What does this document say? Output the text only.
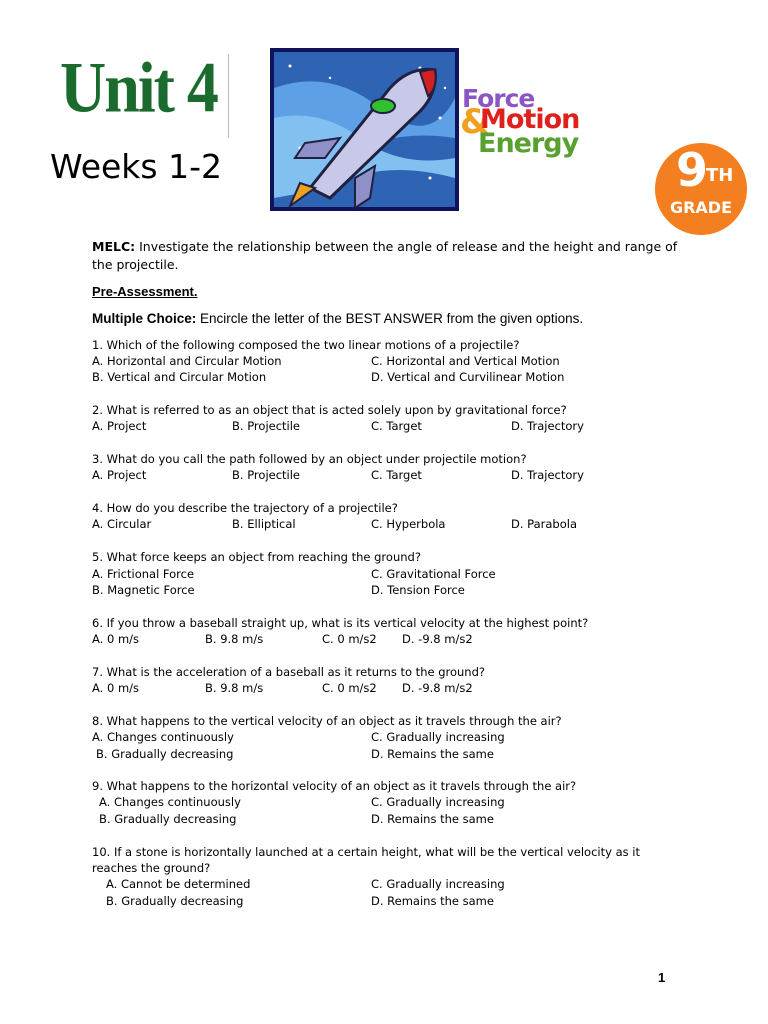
Unit 4
Weeks 1-2
Force
&
Motion
Energy 9
TH
GRADE
MELC: Investigate the relationship between the angle of release and the height and range of the projectile.
Pre-Assessment.
Multiple Choice: Encircle the letter of the BEST ANSWER from the given options.
1. Which of the following composed the two linear motions of a projectile?
A. Horizontal and Circular Motion	C. Horizontal and Vertical Motion
B. Vertical and Circular Motion	D. Vertical and Curvilinear Motion
2. What is referred to as an object that is acted solely upon by gravitational force?
A. Project	B. Projectile	C. Target	D. Trajectory
3. What do you call the path followed by an object under projectile motion?
A. Project	B. Projectile	C. Target	D. Trajectory
4. How do you describe the trajectory of a projectile?
A. Circular	B. Elliptical	C. Hyperbola	D. Parabola
5. What force keeps an object from reaching the ground?
A. Frictional Force	C. Gravitational Force
B. Magnetic Force	D. Tension Force
6. If you throw a baseball straight up, what is its vertical velocity at the highest point?
A. 0 m/s	B. 9.8 m/s	C. 0 m/s2 D. -9.8 m/s2
7. What is the acceleration of a baseball as it returns to the ground?
A. 0 m/s	B. 9.8 m/s	C. 0 m/s2 D. -9.8 m/s2
8. What happens to the vertical velocity of an object as it travels through the air?
A. Changes continuously	C. Gradually increasing
B. Gradually decreasing	D. Remains the same
9. What happens to the horizontal velocity of an object as it travels through the air?
A. Changes continuously	C. Gradually increasing
B. Gradually decreasing	D. Remains the same
10. If a stone is horizontally launched at a certain height, what will be the vertical velocity as it reaches the ground?
A. Cannot be determined	C. Gradually increasing
B. Gradually decreasing	D. Remains the same
1
